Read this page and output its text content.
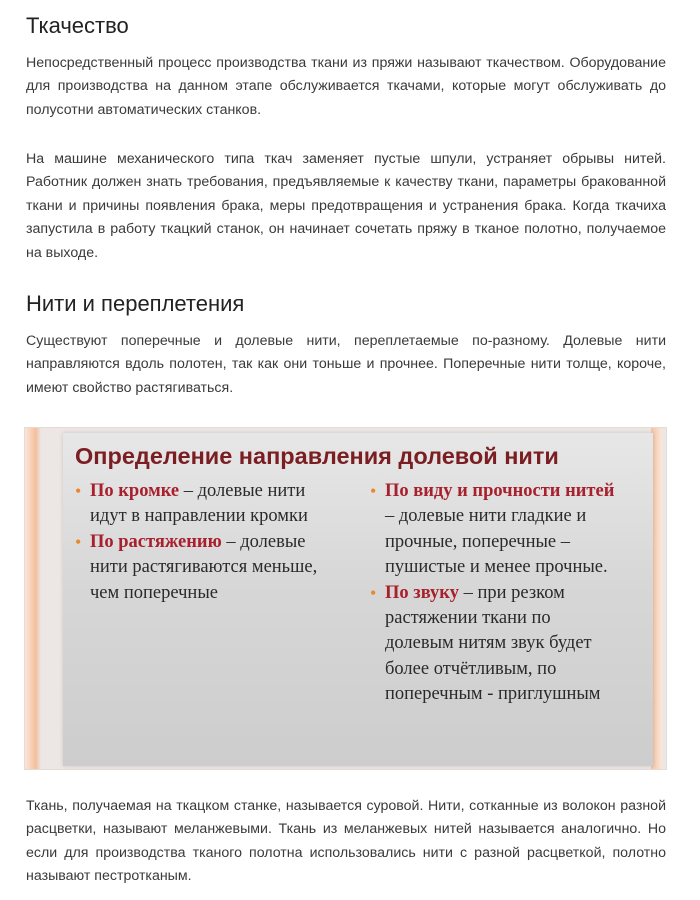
Ткачество

Непосредственный процесс производства ткани из пряжи называют ткачеством. Оборудование для производства на данном этапе обслуживается ткачами, которые могут обслуживать до полусотни автоматических станков.

На машине механического типа ткач заменяет пустые шпули, устраняет обрывы нитей. Работник должен знать требования, предъявляемые к качеству ткани, параметры бракованной ткани и причины появления брака, меры предотвращения и устранения брака. Когда ткачиха запустила в работу ткацкий станок, он начинает сочетать пряжу в тканое полотно, получаемое на выходе.

Нити и переплетения

Существуют поперечные и долевые нити, переплетаемые по-разному. Долевые нити направляются вдоль полотен, так как они тоньше и прочнее. Поперечные нити толще, короче, имеют свойство растягиваться.

Определение направления долевой нити
• По кромке – долевые нити идут в направлении кромки
• По растяжению – долевые нити растягиваются меньше, чем поперечные
• По виду и прочности нитей – долевые нити гладкие и прочные, поперечные – пушистые и менее прочные.
• По звуку – при резком растяжении ткани по долевым нитям звук будет более отчётливым, по поперечным - приглушным

Ткань, получаемая на ткацком станке, называется суровой. Нити, сотканные из волокон разной расцветки, называют меланжевыми. Ткань из меланжевых нитей называется аналогично. Но если для производства тканого полотна использовались нити с разной расцветкой, полотно называют пестротканым.
